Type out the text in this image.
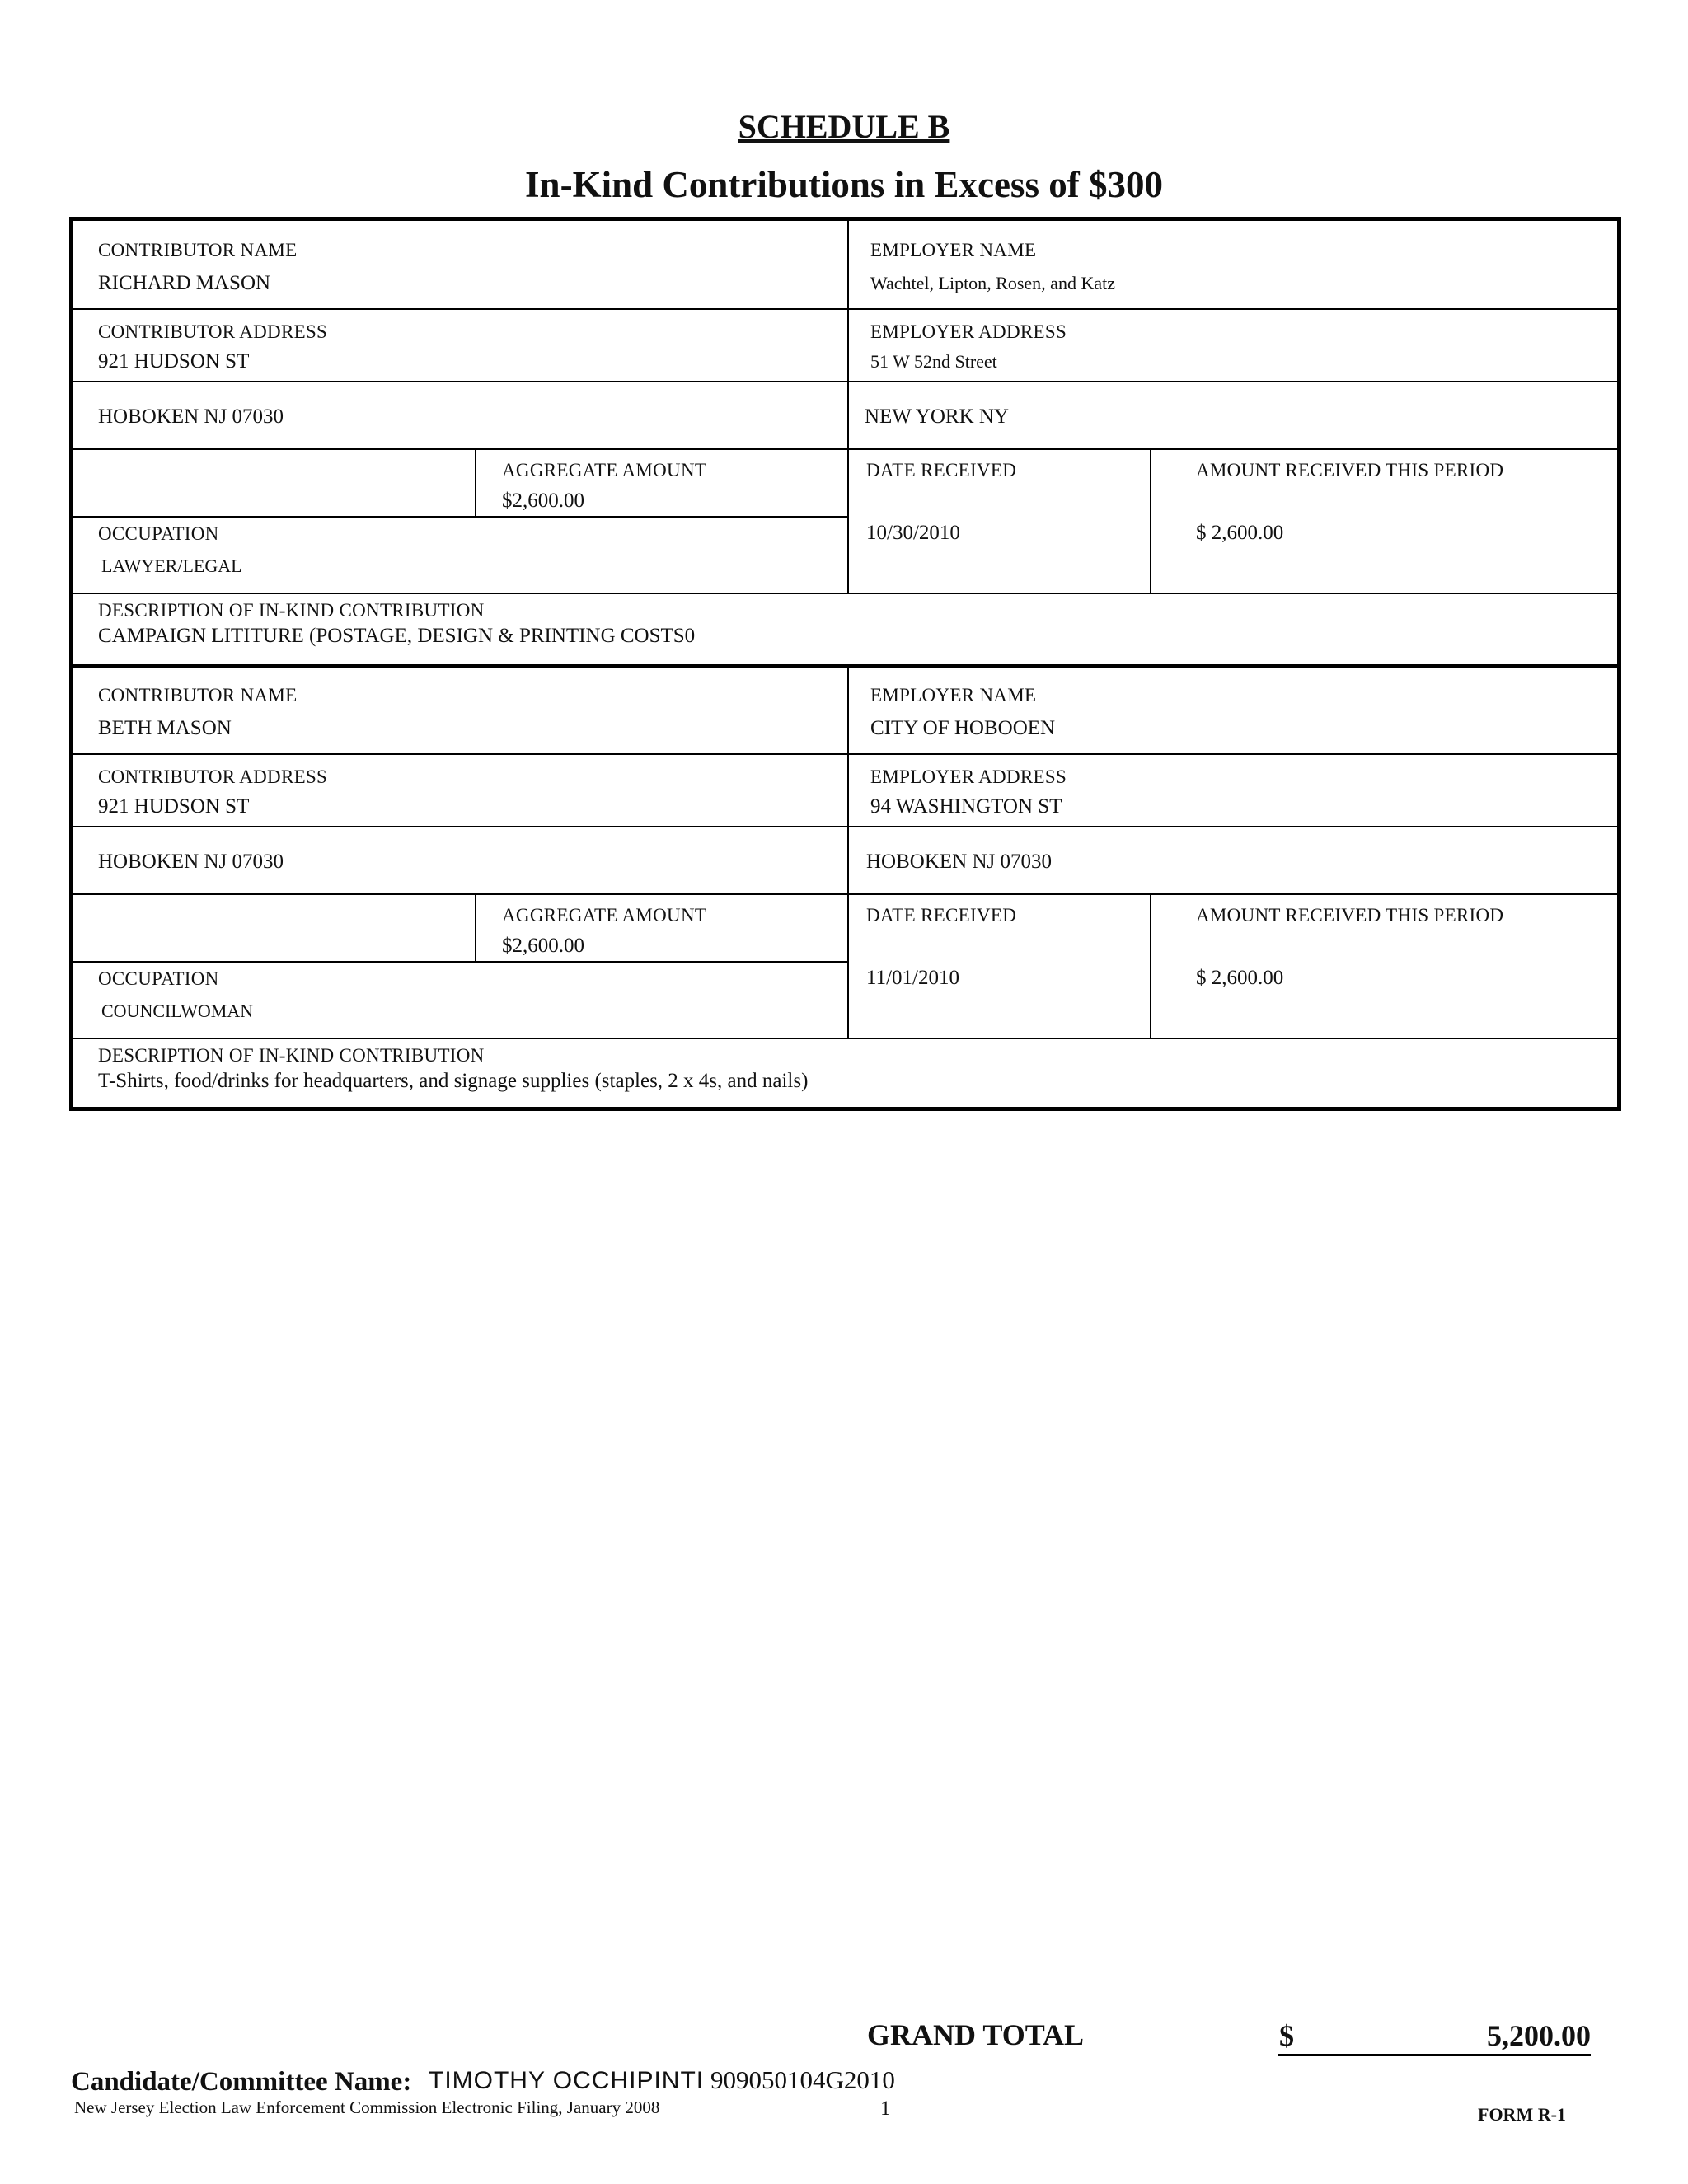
SCHEDULE B
In-Kind Contributions in Excess of $300
CONTRIBUTOR NAME
RICHARD MASON
EMPLOYER NAME
Wachtel, Lipton, Rosen, and Katz
CONTRIBUTOR ADDRESS
921 HUDSON ST
EMPLOYER ADDRESS
51 W 52nd Street
HOBOKEN NJ 07030	NEW YORK NY
AGGREGATE AMOUNT
$2,600.00
DATE RECEIVED
10/30/2010
AMOUNT RECEIVED THIS PERIOD
$ 2,600.00
OCCUPATION
LAWYER/LEGAL
DESCRIPTION OF IN-KIND CONTRIBUTION
CAMPAIGN LITITURE (POSTAGE, DESIGN & PRINTING COSTS0
CONTRIBUTOR NAME
BETH MASON
EMPLOYER NAME
CITY OF HOBOOEN
CONTRIBUTOR ADDRESS
921 HUDSON ST
EMPLOYER ADDRESS
94 WASHINGTON ST
HOBOKEN NJ 07030	HOBOKEN NJ 07030
AGGREGATE AMOUNT
$2,600.00
DATE RECEIVED
11/01/2010
AMOUNT RECEIVED THIS PERIOD
$ 2,600.00
OCCUPATION
COUNCILWOMAN
DESCRIPTION OF IN-KIND CONTRIBUTION
T-Shirts, food/drinks for headquarters, and signage supplies (staples, 2 x 4s, and nails)
GRAND TOTAL	$	5,200.00
Candidate/Committee Name: TIMOTHY OCCHIPINTI 909050104G2010
New Jersey Election Law Enforcement Commission Electronic Filing, January 2008	1	FORM R-1
